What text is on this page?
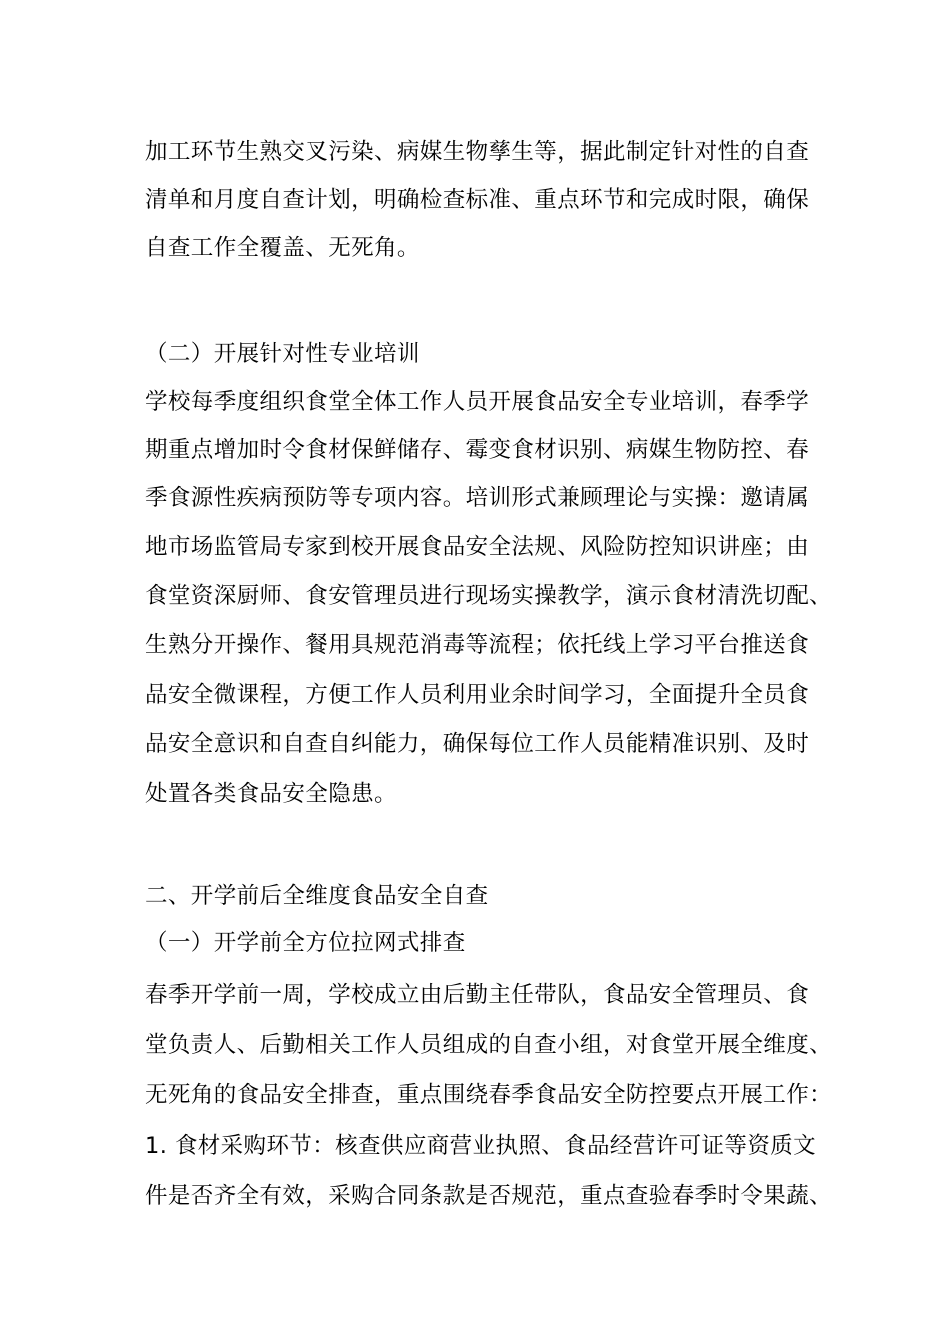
加工环节生熟交叉污染、病媒生物孳生等，据此制定针对性的自查
清单和月度自查计划，明确检查标准、重点环节和完成时限，确保
自查工作全覆盖、无死角。
（二）开展针对性专业培训
学校每季度组织食堂全体工作人员开展食品安全专业培训，春季学
期重点增加时令食材保鲜储存、霉变食材识别、病媒生物防控、春
季食源性疾病预防等专项内容。培训形式兼顾理论与实操：邀请属
地市场监管局专家到校开展食品安全法规、风险防控知识讲座；由
食堂资深厨师、食安管理员进行现场实操教学，演示食材清洗切配、
生熟分开操作、餐用具规范消毒等流程；依托线上学习平台推送食
品安全微课程，方便工作人员利用业余时间学习，全面提升全员食
品安全意识和自查自纠能力，确保每位工作人员能精准识别、及时
处置各类食品安全隐患。
二、开学前后全维度食品安全自查
（一）开学前全方位拉网式排查
春季开学前一周，学校成立由后勤主任带队，食品安全管理员、食
堂负责人、后勤相关工作人员组成的自查小组，对食堂开展全维度、
无死角的食品安全排查，重点围绕春季食品安全防控要点开展工作：
1. 食材采购环节：核查供应商营业执照、食品经营许可证等资质文
件是否齐全有效，采购合同条款是否规范，重点查验春季时令果蔬、
